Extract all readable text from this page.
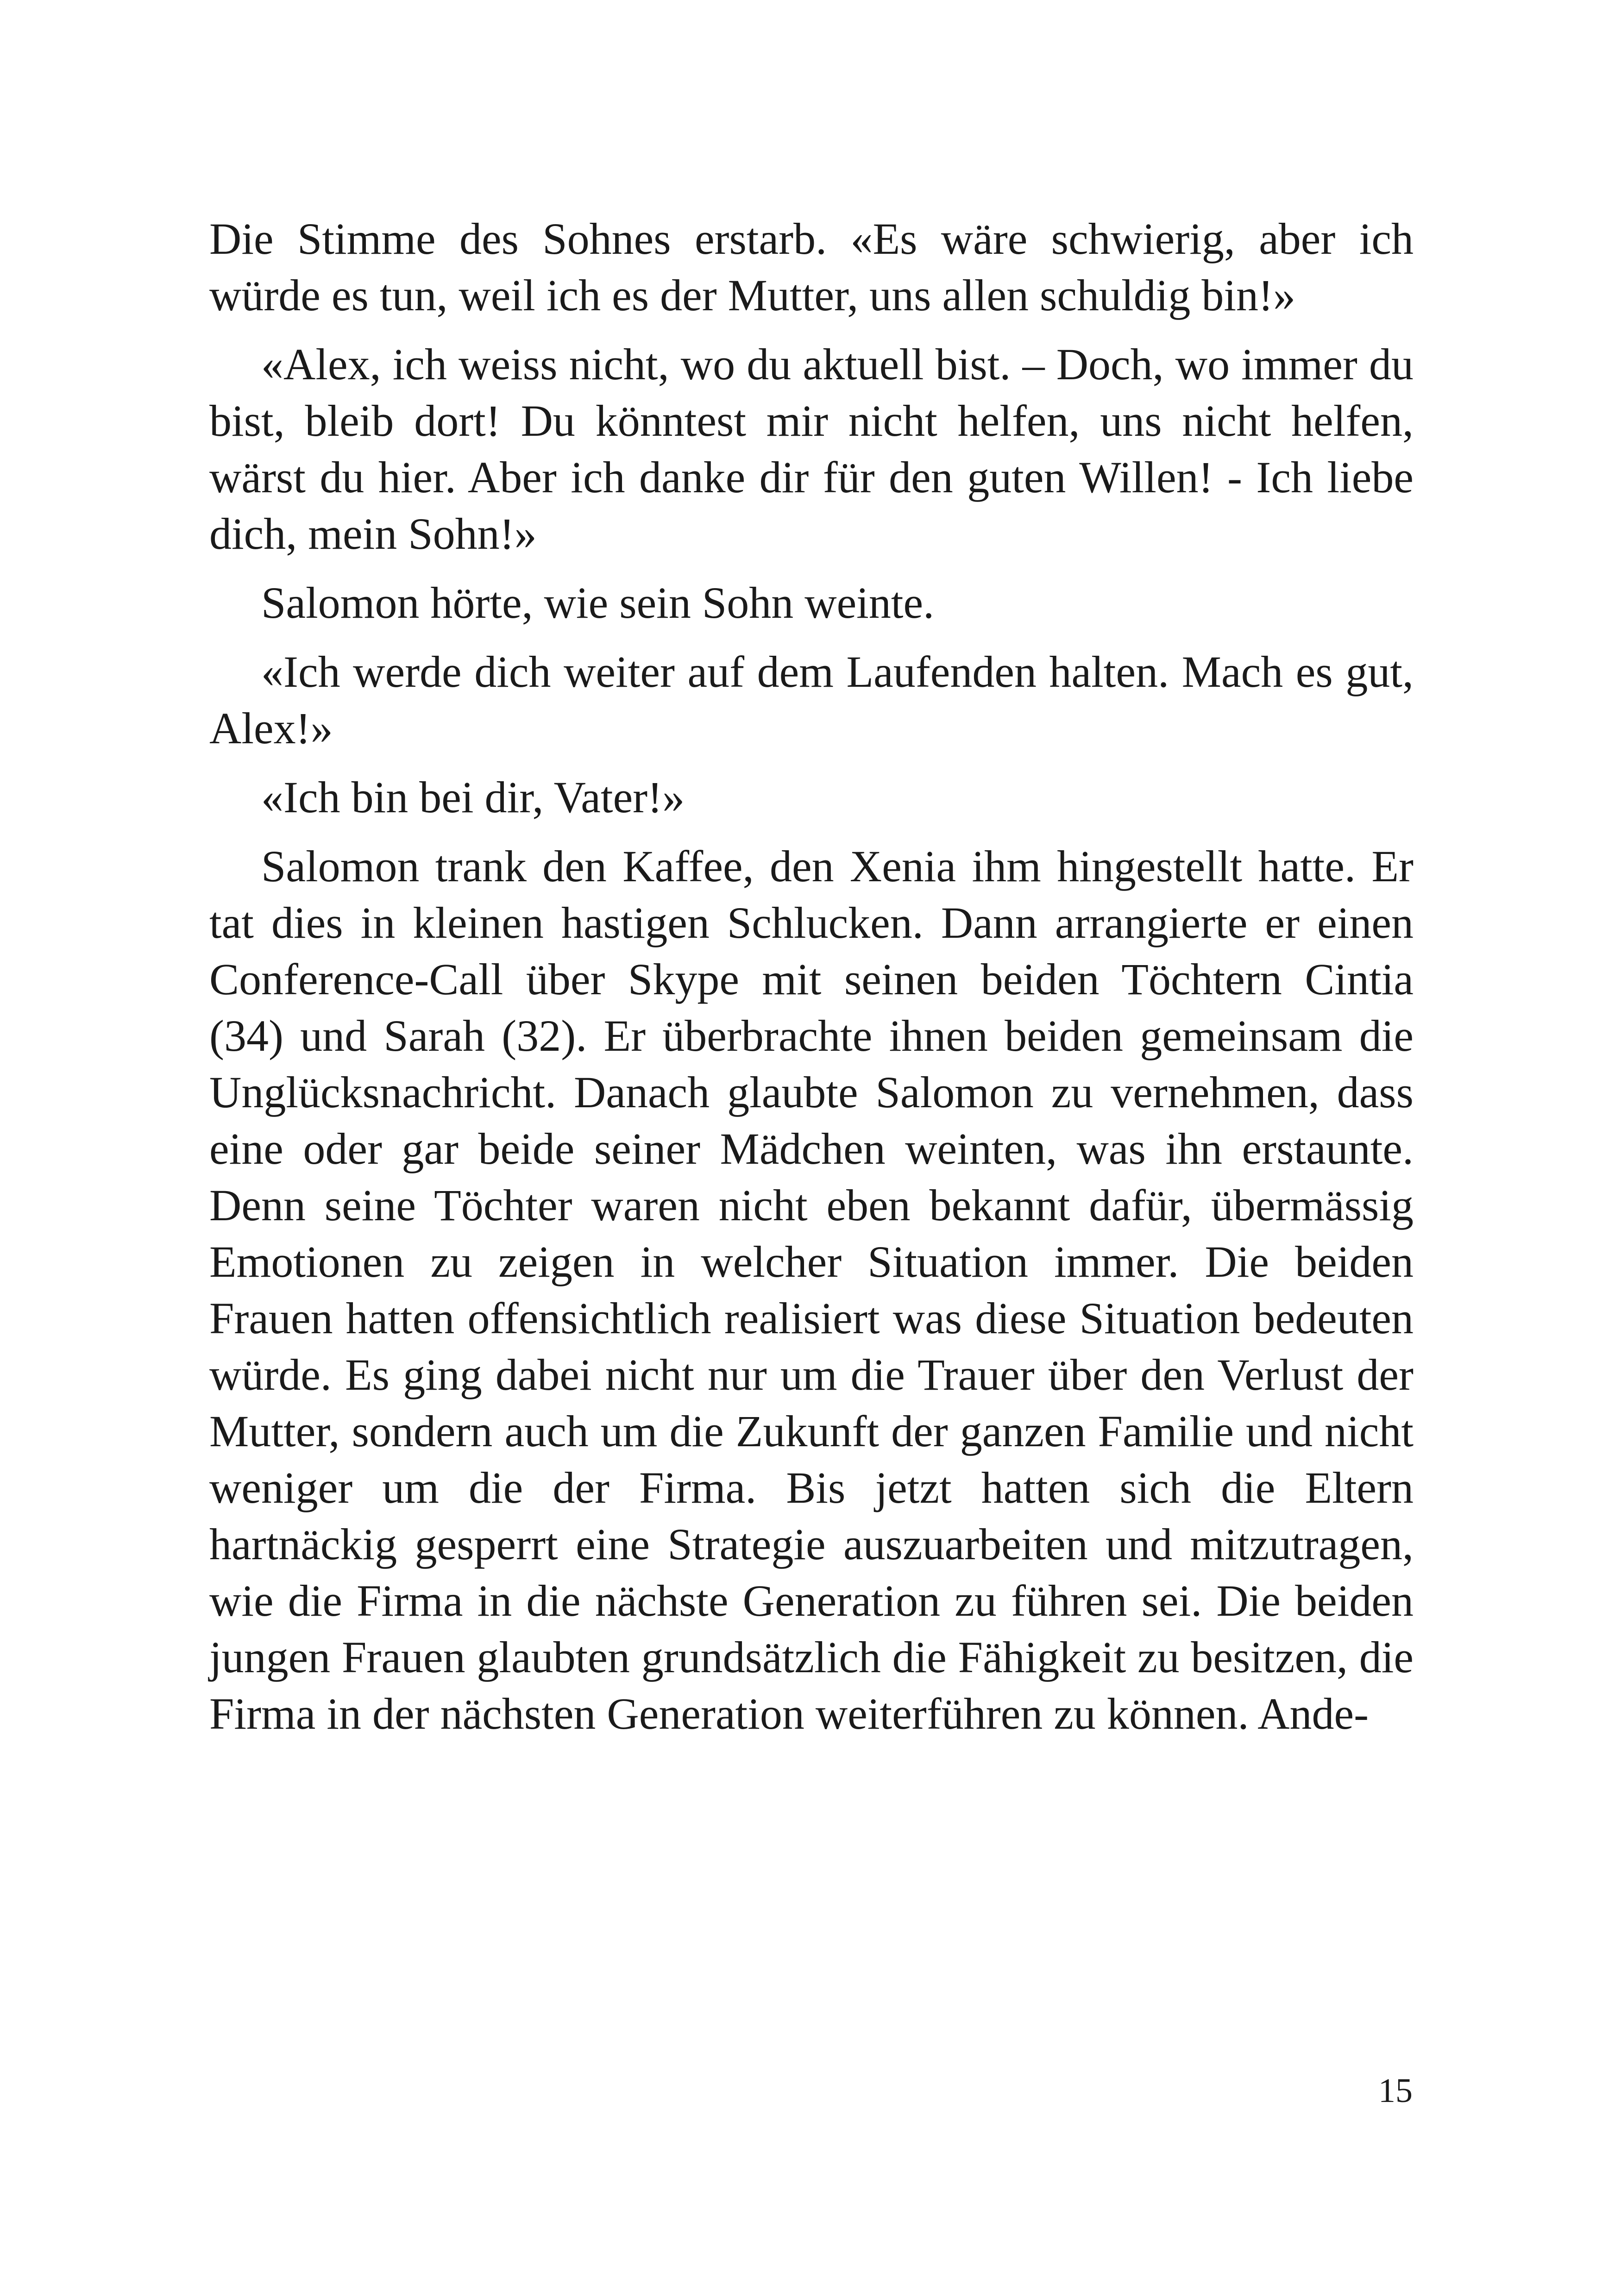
Die Stimme des Sohnes erstarb. «Es wäre schwierig, aber ich würde es tun, weil ich es der Mutter, uns allen schuldig bin!»

«Alex, ich weiss nicht, wo du aktuell bist. – Doch, wo immer du bist, bleib dort! Du könntest mir nicht helfen, uns nicht helfen, wärst du hier. Aber ich danke dir für den guten Willen! - Ich liebe dich, mein Sohn!»

Salomon hörte, wie sein Sohn weinte.

«Ich werde dich weiter auf dem Laufenden halten. Mach es gut, Alex!»

«Ich bin bei dir, Vater!»

Salomon trank den Kaffee, den Xenia ihm hingestellt hatte. Er tat dies in kleinen hastigen Schlucken. Dann arrangierte er einen Conference-Call über Skype mit seinen beiden Töchtern Cintia (34) und Sarah (32). Er überbrachte ihnen beiden gemeinsam die Unglücksnachricht. Danach glaubte Salomon zu vernehmen, dass eine oder gar beide seiner Mädchen weinten, was ihn erstaunte. Denn seine Töchter waren nicht eben bekannt dafür, übermässig Emotionen zu zeigen in welcher Situation immer. Die beiden Frauen hatten offensichtlich realisiert was diese Situation bedeuten würde. Es ging dabei nicht nur um die Trauer über den Verlust der Mutter, sondern auch um die Zukunft der ganzen Familie und nicht weniger um die der Firma. Bis jetzt hatten sich die Eltern hartnäckig gesperrt eine Strategie auszuarbeiten und mitzutragen, wie die Firma in die nächste Generation zu führen sei. Die beiden jungen Frauen glaubten grundsätzlich die Fähigkeit zu besitzen, die Firma in der nächsten Generation weiterführen zu können. Ande-

15
